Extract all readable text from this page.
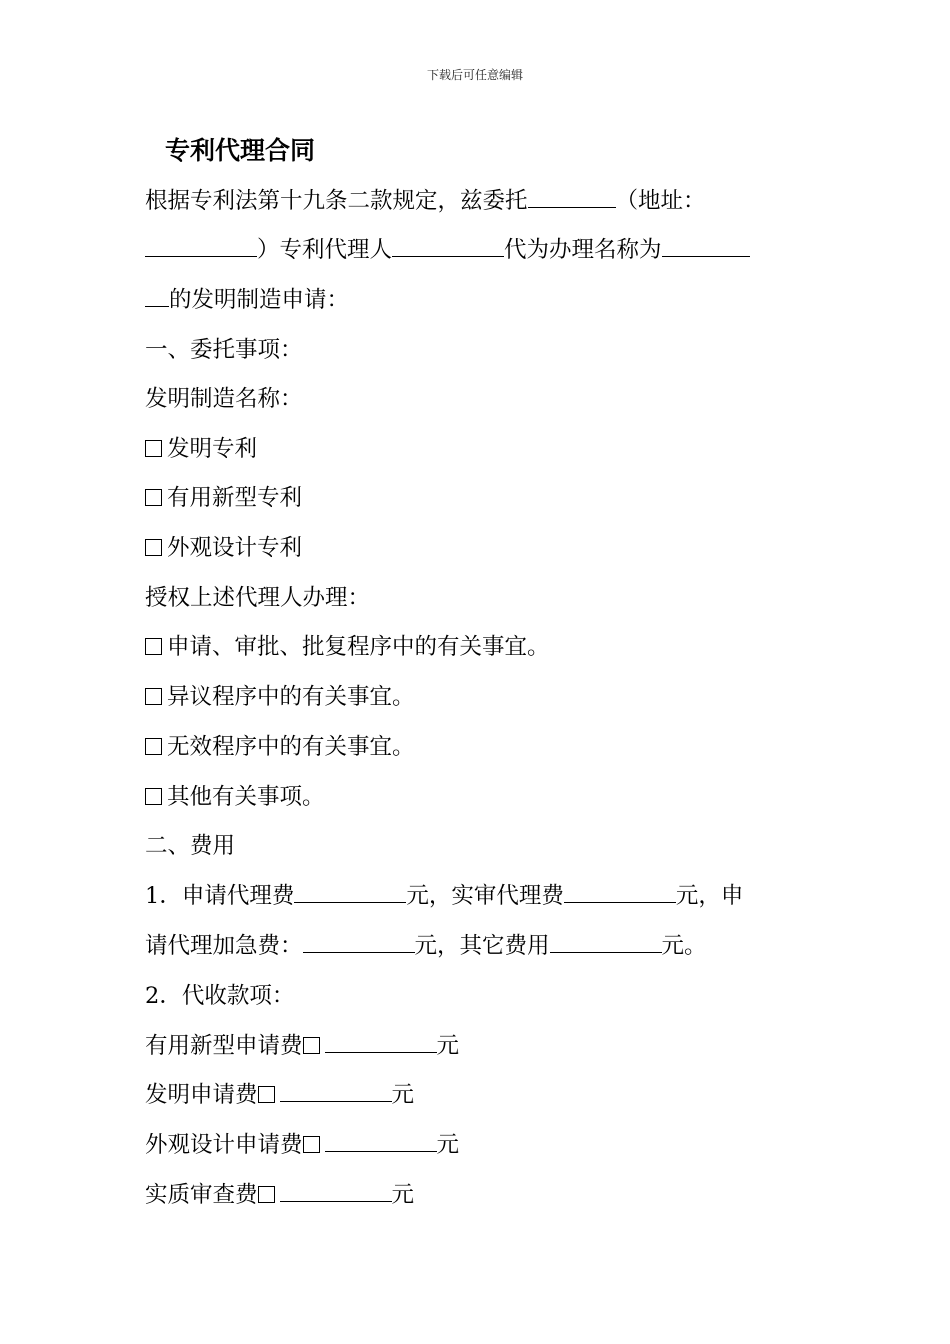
下载后可任意编辑
专利代理合同
根据专利法第十九条二款规定，兹委托	（地址：
）专利代理人	代为办理名称为
的发明制造申请：
一、委托事项：
发明制造名称：
发明专利
有用新型专利
外观设计专利
授权上述代理人办理：
申请、审批、批复程序中的有关事宜。
异议程序中的有关事宜。
无效程序中的有关事宜。
其他有关事项。
二、费用
1．申请代理费	元，实审代理费	元，申
请代理加急费：	元，其它费用	元。
2．代收款项：
有用新型申请费	元
发明申请费	元
外观设计申请费	元
实质审查费	元
